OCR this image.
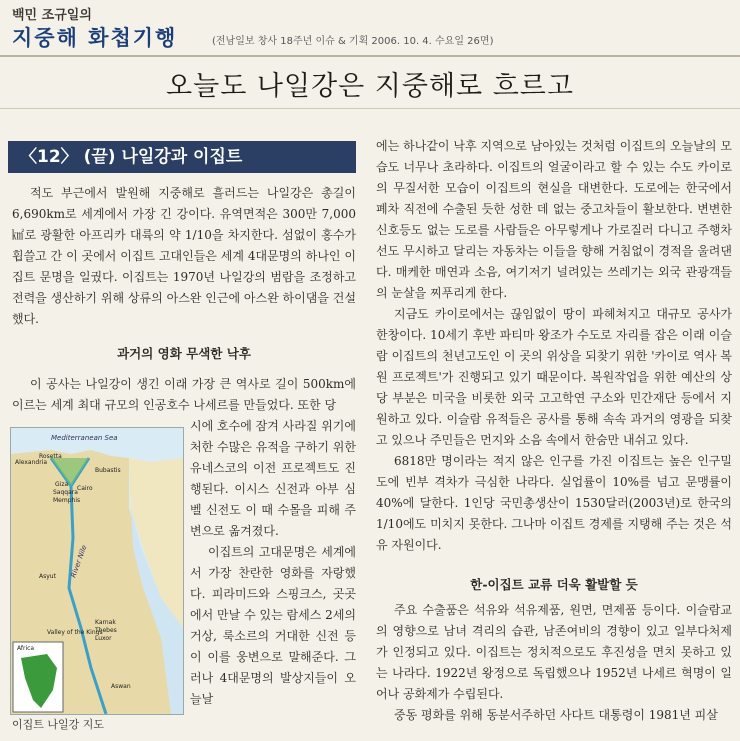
백민 조규일의
지중해 화첩기행	(전남일보 창사 18주년 이슈 & 기획 2006. 10. 4. 수요일 26면)
오늘도 나일강은 지중해로 흐르고
〈12〉 (끝) 나일강과 이집트

적도 부근에서 발원해 지중해로 흘러드는 나일강은 총길이 6,690km로 세계에서 가장 긴 강이다. 유역면적은 300만 7,000㎢로 광활한 아프리카 대륙의 약 1/10을 차지한다. 섬없이 홍수가 휩쓸고 간 이 곳에서 이집트 고대인들은 세계 4대문명의 하나인 이집트 문명을 일궜다. 이집트는 1970년 나일강의 범람을 조정하고 전력을 생산하기 위해 상류의 아스완 인근에 아스완 하이댐을 건설했다.

과거의 영화 무색한 낙후

이 공사는 나일강이 생긴 이래 가장 큰 역사로 길이 500km에 이르는 세계 최대 규모의 인공호수 나세르를 만들었다. 또한 당

시에 호수에 잠겨 사라질 위기에 처한 수많은 유적을 구하기 위한 유네스코의 이전 프로젝트도 진행된다. 이시스 신전과 아부 심벨 신전도 이 때 수몰을 피해 주변으로 옮겨졌다.

이집트의 고대문명은 세계에서 가장 찬란한 영화를 자랑했다. 피라미드와 스핑크스, 곳곳에서 만날 수 있는 람세스 2세의 거상, 룩소르의 거대한 신전 등이 이를 웅변으로 말해준다. 그러나 4대문명의 발상지들이 오늘날

Mediterranean Sea
Alexandria
Rosetta
Bubastis
Giza
Saqqara
Memphis
Cairo
Asyut River Nile
Karnak
Thebes
Luxor
Valley of the Kings
Aswan
Africa
이집트 나일강 지도

에는 하나같이 낙후 지역으로 남아있는 것처럼 이집트의 오늘날의 모습도 너무나 초라하다. 이집트의 얼굴이라고 할 수 있는 수도 카이로의 무질서한 모습이 이집트의 현실을 대변한다. 도로에는 한국에서 폐차 직전에 수출된 듯한 성한 데 없는 중고차들이 활보한다. 변변한 신호등도 없는 도로를 사람들은 아무렇게나 가로질러 다니고 주행차선도 무시하고 달리는 자동차는 이들을 향해 거침없이 경적을 울려댄다. 매케한 매연과 소음, 여기저기 널려있는 쓰레기는 외국 관광객들의 눈살을 찌푸리게 한다.

지금도 카이로에서는 끊임없이 땅이 파헤쳐지고 대규모 공사가 한창이다. 10세기 후반 파티마 왕조가 수도로 자리를 잡은 이래 이슬람 이집트의 천년고도인 이 곳의 위상을 되찾기 위한 '카이로 역사 복원 프로젝트'가 진행되고 있기 때문이다. 복원작업을 위한 예산의 상당 부분은 미국을 비롯한 외국 고고학연 구소와 민간재단 등에서 지원하고 있다. 이슬람 유적들은 공사를 통해 속속 과거의 영광을 되찾고 있으나 주민들은 먼지와 소음 속에서 한숨만 내쉬고 있다.

6818만 명이라는 적지 않은 인구를 가진 이집트는 높은 인구밀도에 빈부 격차가 극심한 나라다. 실업률이 10%를 넘고 문맹률이 40%에 달한다. 1인당 국민총생산이 1530달러(2003년)로 한국의 1/10에도 미치지 못한다. 그나마 이집트 경제를 지탱해 주는 것은 석유 자원이다.

한-이집트 교류 더욱 활발할 듯

주요 수출품은 석유와 석유제품, 원면, 면제품 등이다. 이슬람교의 영향으로 남녀 격리의 습관, 남존여비의 경향이 있고 일부다처제가 인정되고 있다. 이집트는 정치적으로도 후진성을 면치 못하고 있는 나라다. 1922년 왕정으로 독립했으나 1952년 나세르 혁명이 일어나 공화제가 수립된다.

중동 평화를 위해 동분서주하던 사다트 대통령이 1981년 피살
